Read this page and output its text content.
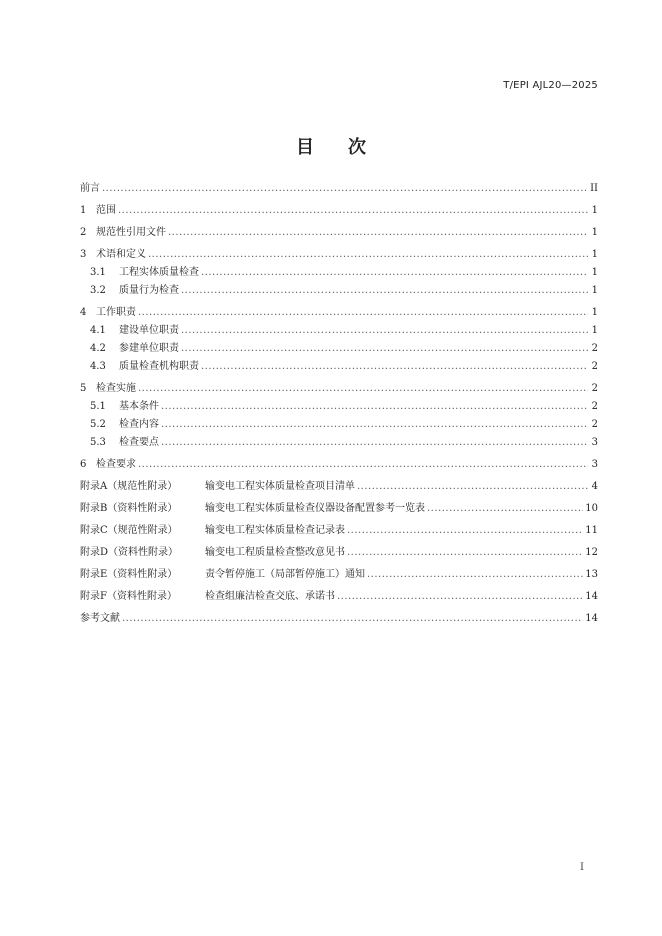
T/EPI AJL20—2025
目 次
前言 .....	II
1 范围 .....	1
2 规范性引用文件 .....	1
3 术语和定义 .....	1
3.1	工程实体质量检查 .....	1
3.2	质量行为检查 .....	1
4 工作职责 .....	1
4.1	建设单位职责 .....	1
4.2	参建单位职责 .....	2
4.3	质量检查机构职责 .....	2
5 检查实施 .....	2
5.1	基本条件 .....	2
5.2	检查内容 .....	2
5.3	检查要点 .....	3
6 检查要求 .....	3
附录A（规范性附录）	输变电工程实体质量检查项目清单 .....	4
附录B（资料性附录）	输变电工程实体质量检查仪器设备配置参考一览表 .....	10
附录C（规范性附录）	输变电工程实体质量检查记录表 .....	11
附录D（资料性附录）	输变电工程质量检查整改意见书 .....	12
附录E（资料性附录）	责令暂停施工（局部暂停施工）通知 .....	13
附录F（资料性附录）	检查组廉洁检查交底、承诺书 .....	14
参考文献 .....	14
I
